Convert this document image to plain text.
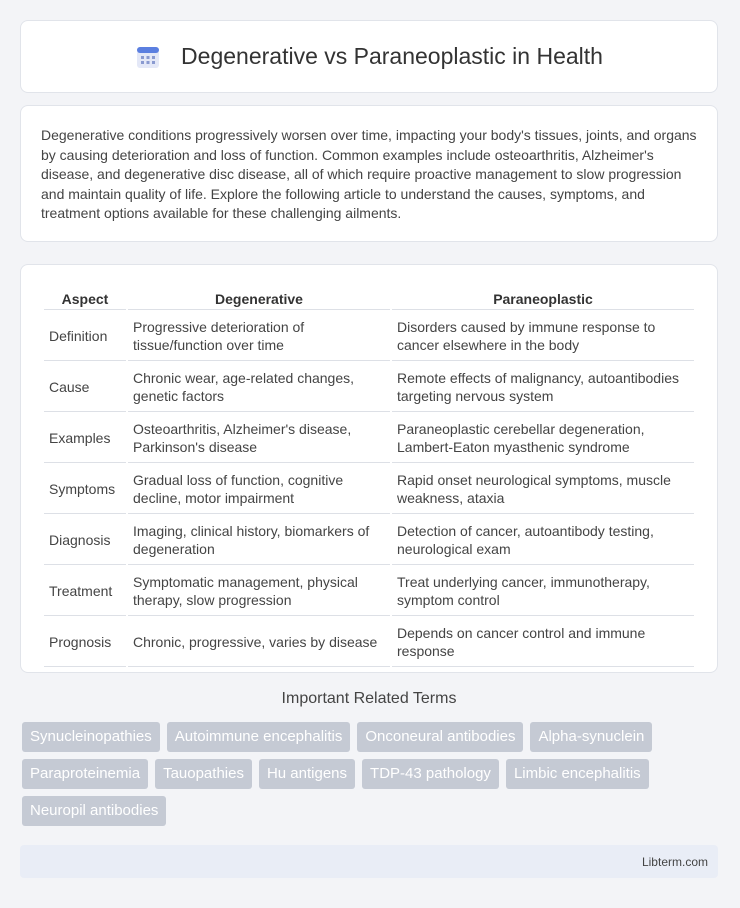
Degenerative vs Paraneoplastic in Health

Degenerative conditions progressively worsen over time, impacting your body's tissues, joints, and organs by causing deterioration and loss of function. Common examples include osteoarthritis, Alzheimer's disease, and degenerative disc disease, all of which require proactive management to slow progression and maintain quality of life. Explore the following article to understand the causes, symptoms, and treatment options available for these challenging ailments.

Aspect	Degenerative	Paraneoplastic
Definition	Progressive deterioration of tissue/function over time	Disorders caused by immune response to cancer elsewhere in the body
Cause	Chronic wear, age-related changes, genetic factors	Remote effects of malignancy, autoantibodies targeting nervous system
Examples	Osteoarthritis, Alzheimer's disease, Parkinson's disease	Paraneoplastic cerebellar degeneration, Lambert-Eaton myasthenic syndrome
Symptoms	Gradual loss of function, cognitive decline, motor impairment	Rapid onset neurological symptoms, muscle weakness, ataxia
Diagnosis	Imaging, clinical history, biomarkers of degeneration	Detection of cancer, autoantibody testing, neurological exam
Treatment	Symptomatic management, physical therapy, slow progression	Treat underlying cancer, immunotherapy, symptom control
Prognosis	Chronic, progressive, varies by disease	Depends on cancer control and immune response
Important Related Terms
Synucleinopathies	Autoimmune encephalitis	Onconeural antibodies	Alpha-synuclein
Paraproteinemia	Tauopathies	Hu antigens	TDP-43 pathology	Limbic encephalitis
Neuropil antibodies
Libterm.com
